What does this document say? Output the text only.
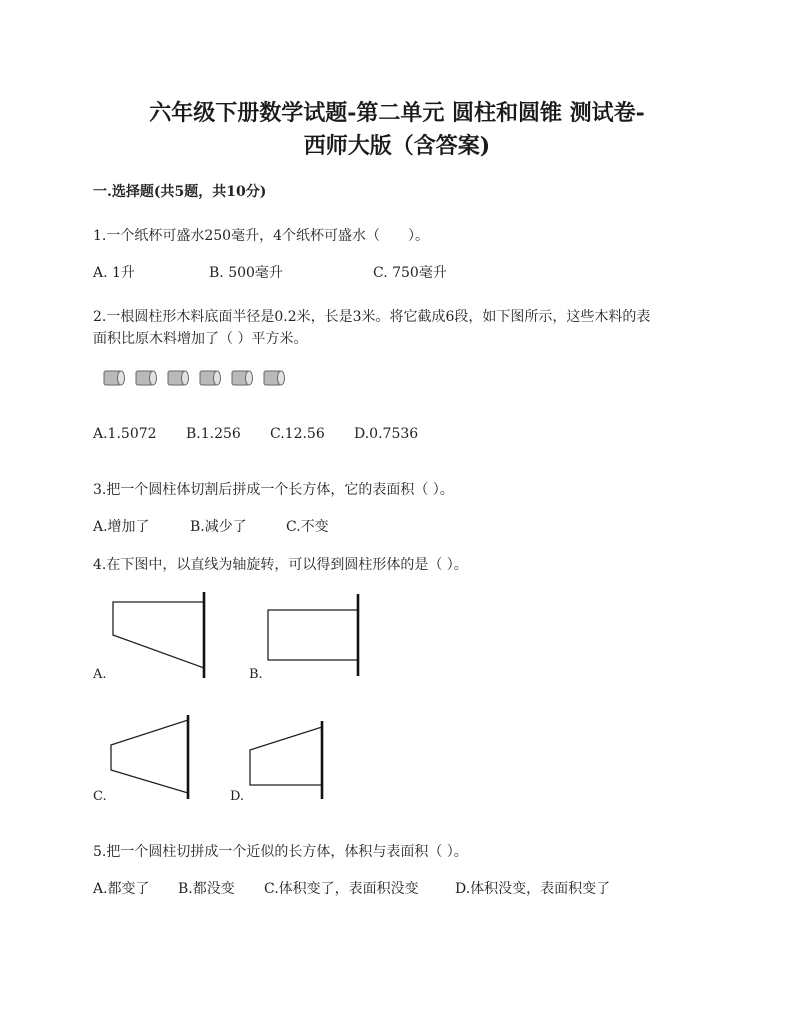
六年级下册数学试题-第二单元 圆柱和圆锥 测试卷-
西师大版（含答案)
一.选择题(共5题，共10分)
1.一个纸杯可盛水250毫升，4个纸杯可盛水（　　）。
A. 1升	B. 500毫升	C. 750毫升
2.一根圆柱形木料底面半径是0.2米，长是3米。将它截成6段，如下图所示，这些木料的表
面积比原木料增加了（ ）平方米。
A.1.5072 B.1.256 C.12.56 D.0.7536
3.把一个圆柱体切割后拼成一个长方体，它的表面积（ ）。
A.增加了	B.减少了	C.不变
4.在下图中，以直线为轴旋转，可以得到圆柱形体的是（ ）。
A.	B.
C.	D.
5.把一个圆柱切拼成一个近似的长方体，体积与表面积（ ）。
A.都变了 B.都没变 C.体积变了，表面积没变	D.体积没变，表面积变了
